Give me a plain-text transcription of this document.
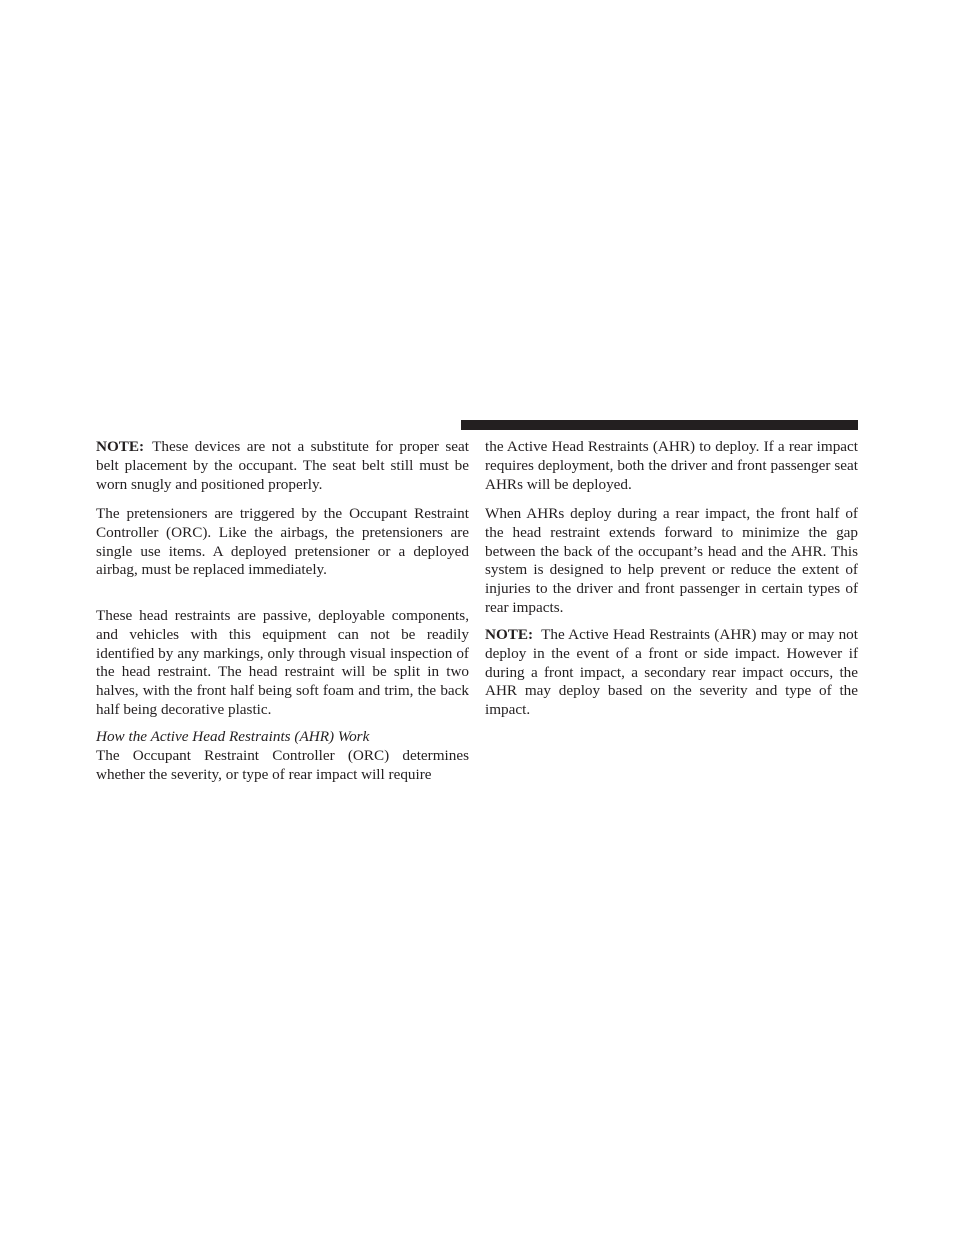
NOTE: These devices are not a substitute for proper seat belt placement by the occupant. The seat belt still must be worn snugly and positioned properly.

The pretensioners are triggered by the Occupant Restraint Controller (ORC). Like the airbags, the pretensioners are single use items. A deployed pretensioner or a deployed airbag, must be replaced immediately.

These head restraints are passive, deployable components, and vehicles with this equipment can not be readily identified by any markings, only through visual inspection of the head restraint. The head restraint will be split in two halves, with the front half being soft foam and trim, the back half being decorative plastic.

How the Active Head Restraints (AHR) Work

The Occupant Restraint Controller (ORC) determines whether the severity, or type of rear impact will require

the Active Head Restraints (AHR) to deploy. If a rear impact requires deployment, both the driver and front passenger seat AHRs will be deployed.

When AHRs deploy during a rear impact, the front half of the head restraint extends forward to minimize the gap between the back of the occupant’s head and the AHR. This system is designed to help prevent or reduce the extent of injuries to the driver and front passenger in certain types of rear impacts.

NOTE: The Active Head Restraints (AHR) may or may not deploy in the event of a front or side impact. However if during a front impact, a secondary rear impact occurs, the AHR may deploy based on the severity and type of the impact.
